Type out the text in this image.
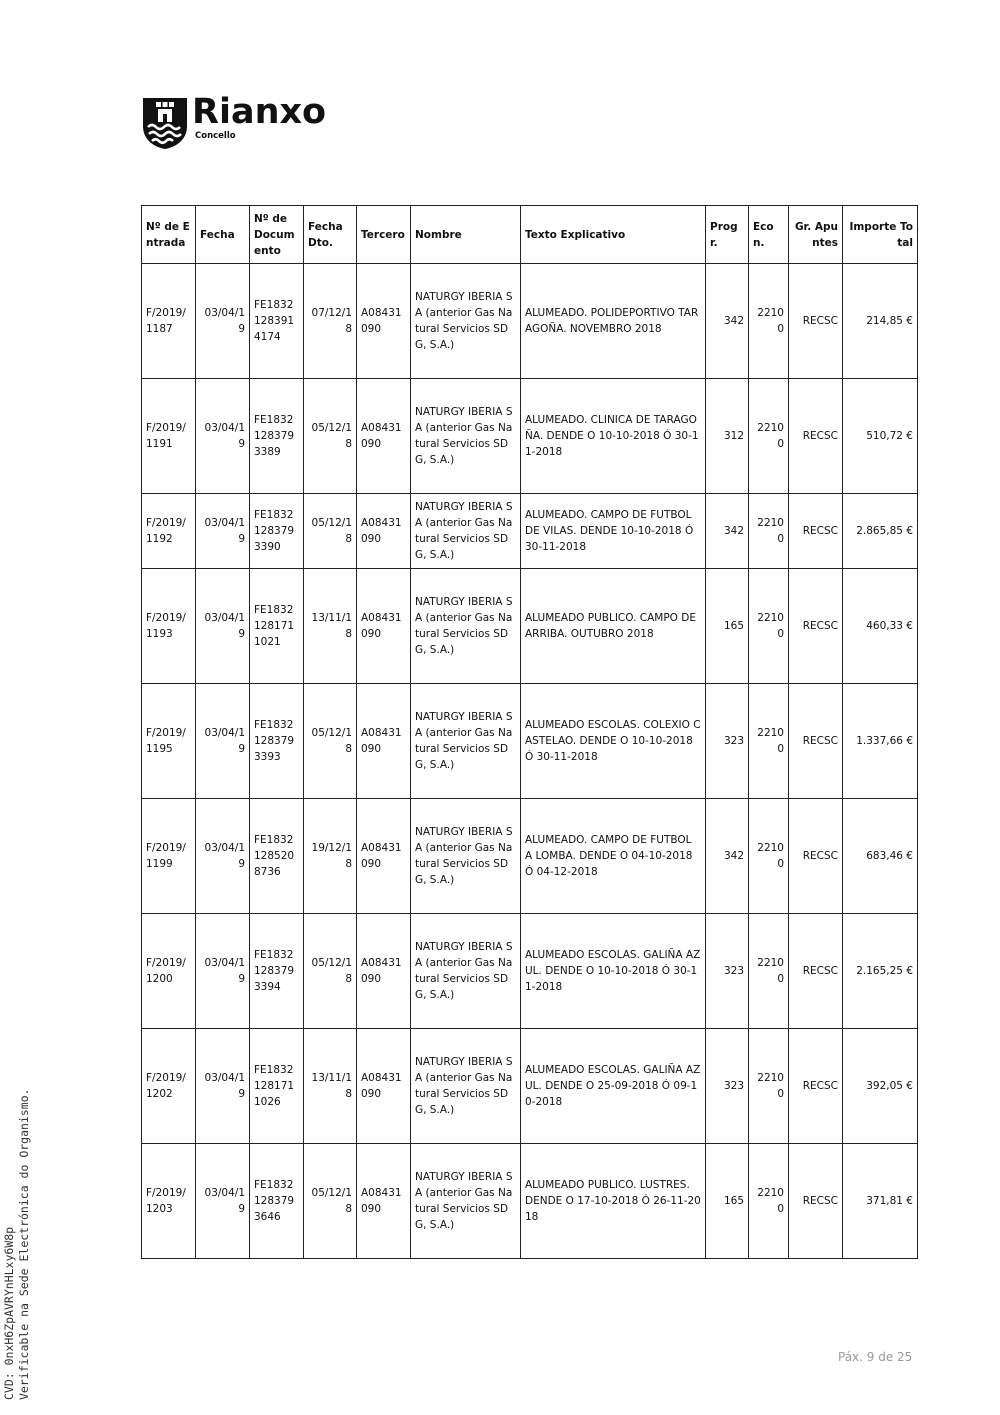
Rianxo
Concello
Nº de Entrada	Fecha	Nº de Documento	Fecha Dto.	Tercero	Nombre	Texto Explicativo	Progr.	Econ.	Gr. Apuntes	Importe Total
F/2019/1187	03/04/19	FE18321283914174	07/12/18	A08431090	NATURGY IBERIA SA (anterior Gas Natural Servicios SDG, S.A.)	ALUMEADO. POLIDEPORTIVO TARAGOÑA. NOVEMBRO 2018	342	22100	RECSC	214,85 €
F/2019/1191	03/04/19	FE18321283793389	05/12/18	A08431090	NATURGY IBERIA SA (anterior Gas Natural Servicios SDG, S.A.)	ALUMEADO. CLINICA DE TARAGOÑA. DENDE O 10-10-2018 Ó 30-11-2018	312	22100	RECSC	510,72 €
F/2019/1192	03/04/19	FE18321283793390	05/12/18	A08431090	NATURGY IBERIA SA (anterior Gas Natural Servicios SDG, S.A.)	ALUMEADO. CAMPO DE FUTBOL DE VILAS. DENDE 10-10-2018 Ó 30-11-2018	342	22100	RECSC	2.865,85 €
F/2019/1193	03/04/19	FE18321281711021	13/11/18	A08431090	NATURGY IBERIA SA (anterior Gas Natural Servicios SDG, S.A.)	ALUMEADO PUBLICO. CAMPO DE ARRIBA. OUTUBRO 2018	165	22100	RECSC	460,33 €
F/2019/1195	03/04/19	FE18321283793393	05/12/18	A08431090	NATURGY IBERIA SA (anterior Gas Natural Servicios SDG, S.A.)	ALUMEADO ESCOLAS. COLEXIO CASTELAO. DENDE O 10-10-2018 Ó 30-11-2018	323	22100	RECSC	1.337,66 €
F/2019/1199	03/04/19	FE18321285208736	19/12/18	A08431090	NATURGY IBERIA SA (anterior Gas Natural Servicios SDG, S.A.)	ALUMEADO. CAMPO DE FUTBOL A LOMBA. DENDE O 04-10-2018 Ó 04-12-2018	342	22100	RECSC	683,46 €
F/2019/1200	03/04/19	FE18321283793394	05/12/18	A08431090	NATURGY IBERIA SA (anterior Gas Natural Servicios SDG, S.A.)	ALUMEADO ESCOLAS. GALIÑA AZUL. DENDE O 10-10-2018 Ó 30-11-2018	323	22100	RECSC	2.165,25 €
F/2019/1202	03/04/19	FE18321281711026	13/11/18	A08431090	NATURGY IBERIA SA (anterior Gas Natural Servicios SDG, S.A.)	ALUMEADO ESCOLAS. GALIÑA AZUL. DENDE O 25-09-2018 Ó 09-10-2018	323	22100	RECSC	392,05 €
F/2019/1203	03/04/19	FE18321283793646	05/12/18	A08431090	NATURGY IBERIA SA (anterior Gas Natural Servicios SDG, S.A.)	ALUMEADO PUBLICO. LUSTRES. DENDE O 17-10-2018 Ó 26-11-2018	165	22100	RECSC	371,81 €
CVD: 0nxH6ZpAVRYnHLxy6W8p Verificable na Sede Electrónica do Organismo.	Páx. 9 de 25
